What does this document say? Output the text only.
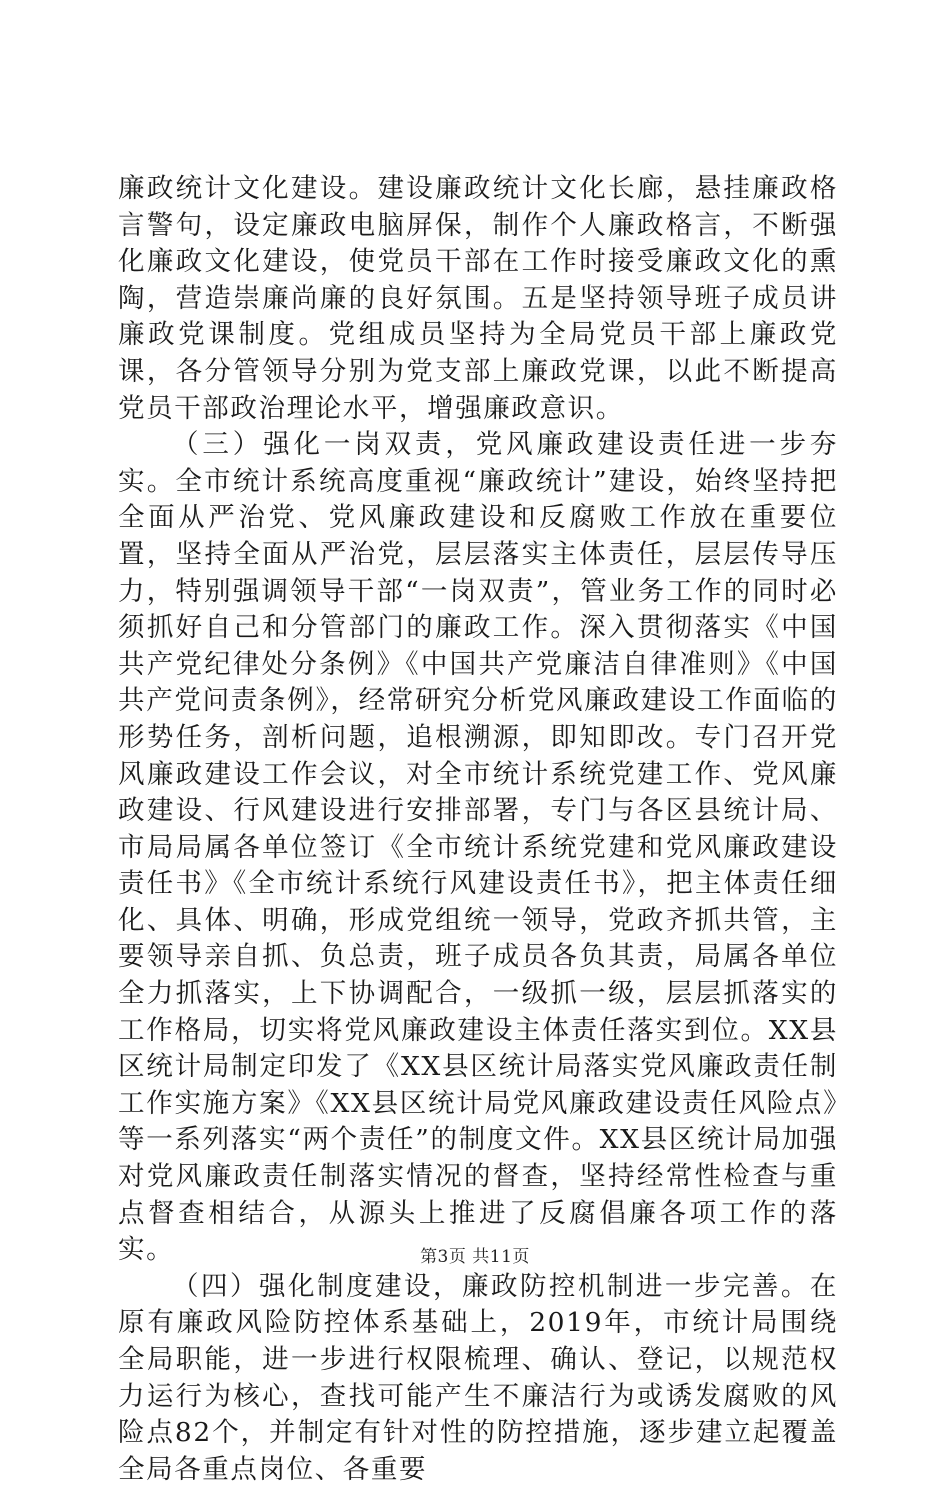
廉政统计文化建设。建设廉政统计文化长廊，悬挂廉政格言警句，设定廉政电脑屏保，制作个人廉政格言，不断强化廉政文化建设，使党员干部在工作时接受廉政文化的熏陶，营造崇廉尚廉的良好氛围。五是坚持领导班子成员讲廉政党课制度。党组成员坚持为全局党员干部上廉政党课，各分管领导分别为党支部上廉政党课，以此不断提高党员干部政治理论水平，增强廉政意识。

（三）强化一岗双责，党风廉政建设责任进一步夯实。全市统计系统高度重视“廉政统计”建设，始终坚持把全面从严治党、党风廉政建设和反腐败工作放在重要位置，坚持全面从严治党，层层落实主体责任，层层传导压力，特别强调领导干部“一岗双责”，管业务工作的同时必须抓好自己和分管部门的廉政工作。深入贯彻落实《中国共产党纪律处分条例》《中国共产党廉洁自律准则》《中国共产党问责条例》，经常研究分析党风廉政建设工作面临的形势任务，剖析问题，追根溯源，即知即改。专门召开党风廉政建设工作会议，对全市统计系统党建工作、党风廉政建设、行风建设进行安排部署，专门与各区县统计局、市局局属各单位签订《全市统计系统党建和党风廉政建设责任书》《全市统计系统行风建设责任书》，把主体责任细化、具体、明确，形成党组统一领导，党政齐抓共管，主要领导亲自抓、负总责，班子成员各负其责，局属各单位全力抓落实，上下协调配合，一级抓一级，层层抓落实的工作格局，切实将党风廉政建设主体责任落实到位。XX县区统计局制定印发了《XX县区统计局落实党风廉政责任制工作实施方案》《XX县区统计局党风廉政建设责任风险点》等一系列落实“两个责任”的制度文件。XX县区统计局加强对党风廉政责任制落实情况的督查，坚持经常性检查与重点督查相结合，从源头上推进了反腐倡廉各项工作的落实。

（四）强化制度建设，廉政防控机制进一步完善。在原有廉政风险防控体系基础上，2019年，市统计局围绕全局职能，进一步进行权限梳理、确认、登记，以规范权力运行为核心，查找可能产生不廉洁行为或诱发腐败的风险点82个，并制定有针对性的防控措施，逐步建立起覆盖全局各重点岗位、各重要

第3页 共11页
